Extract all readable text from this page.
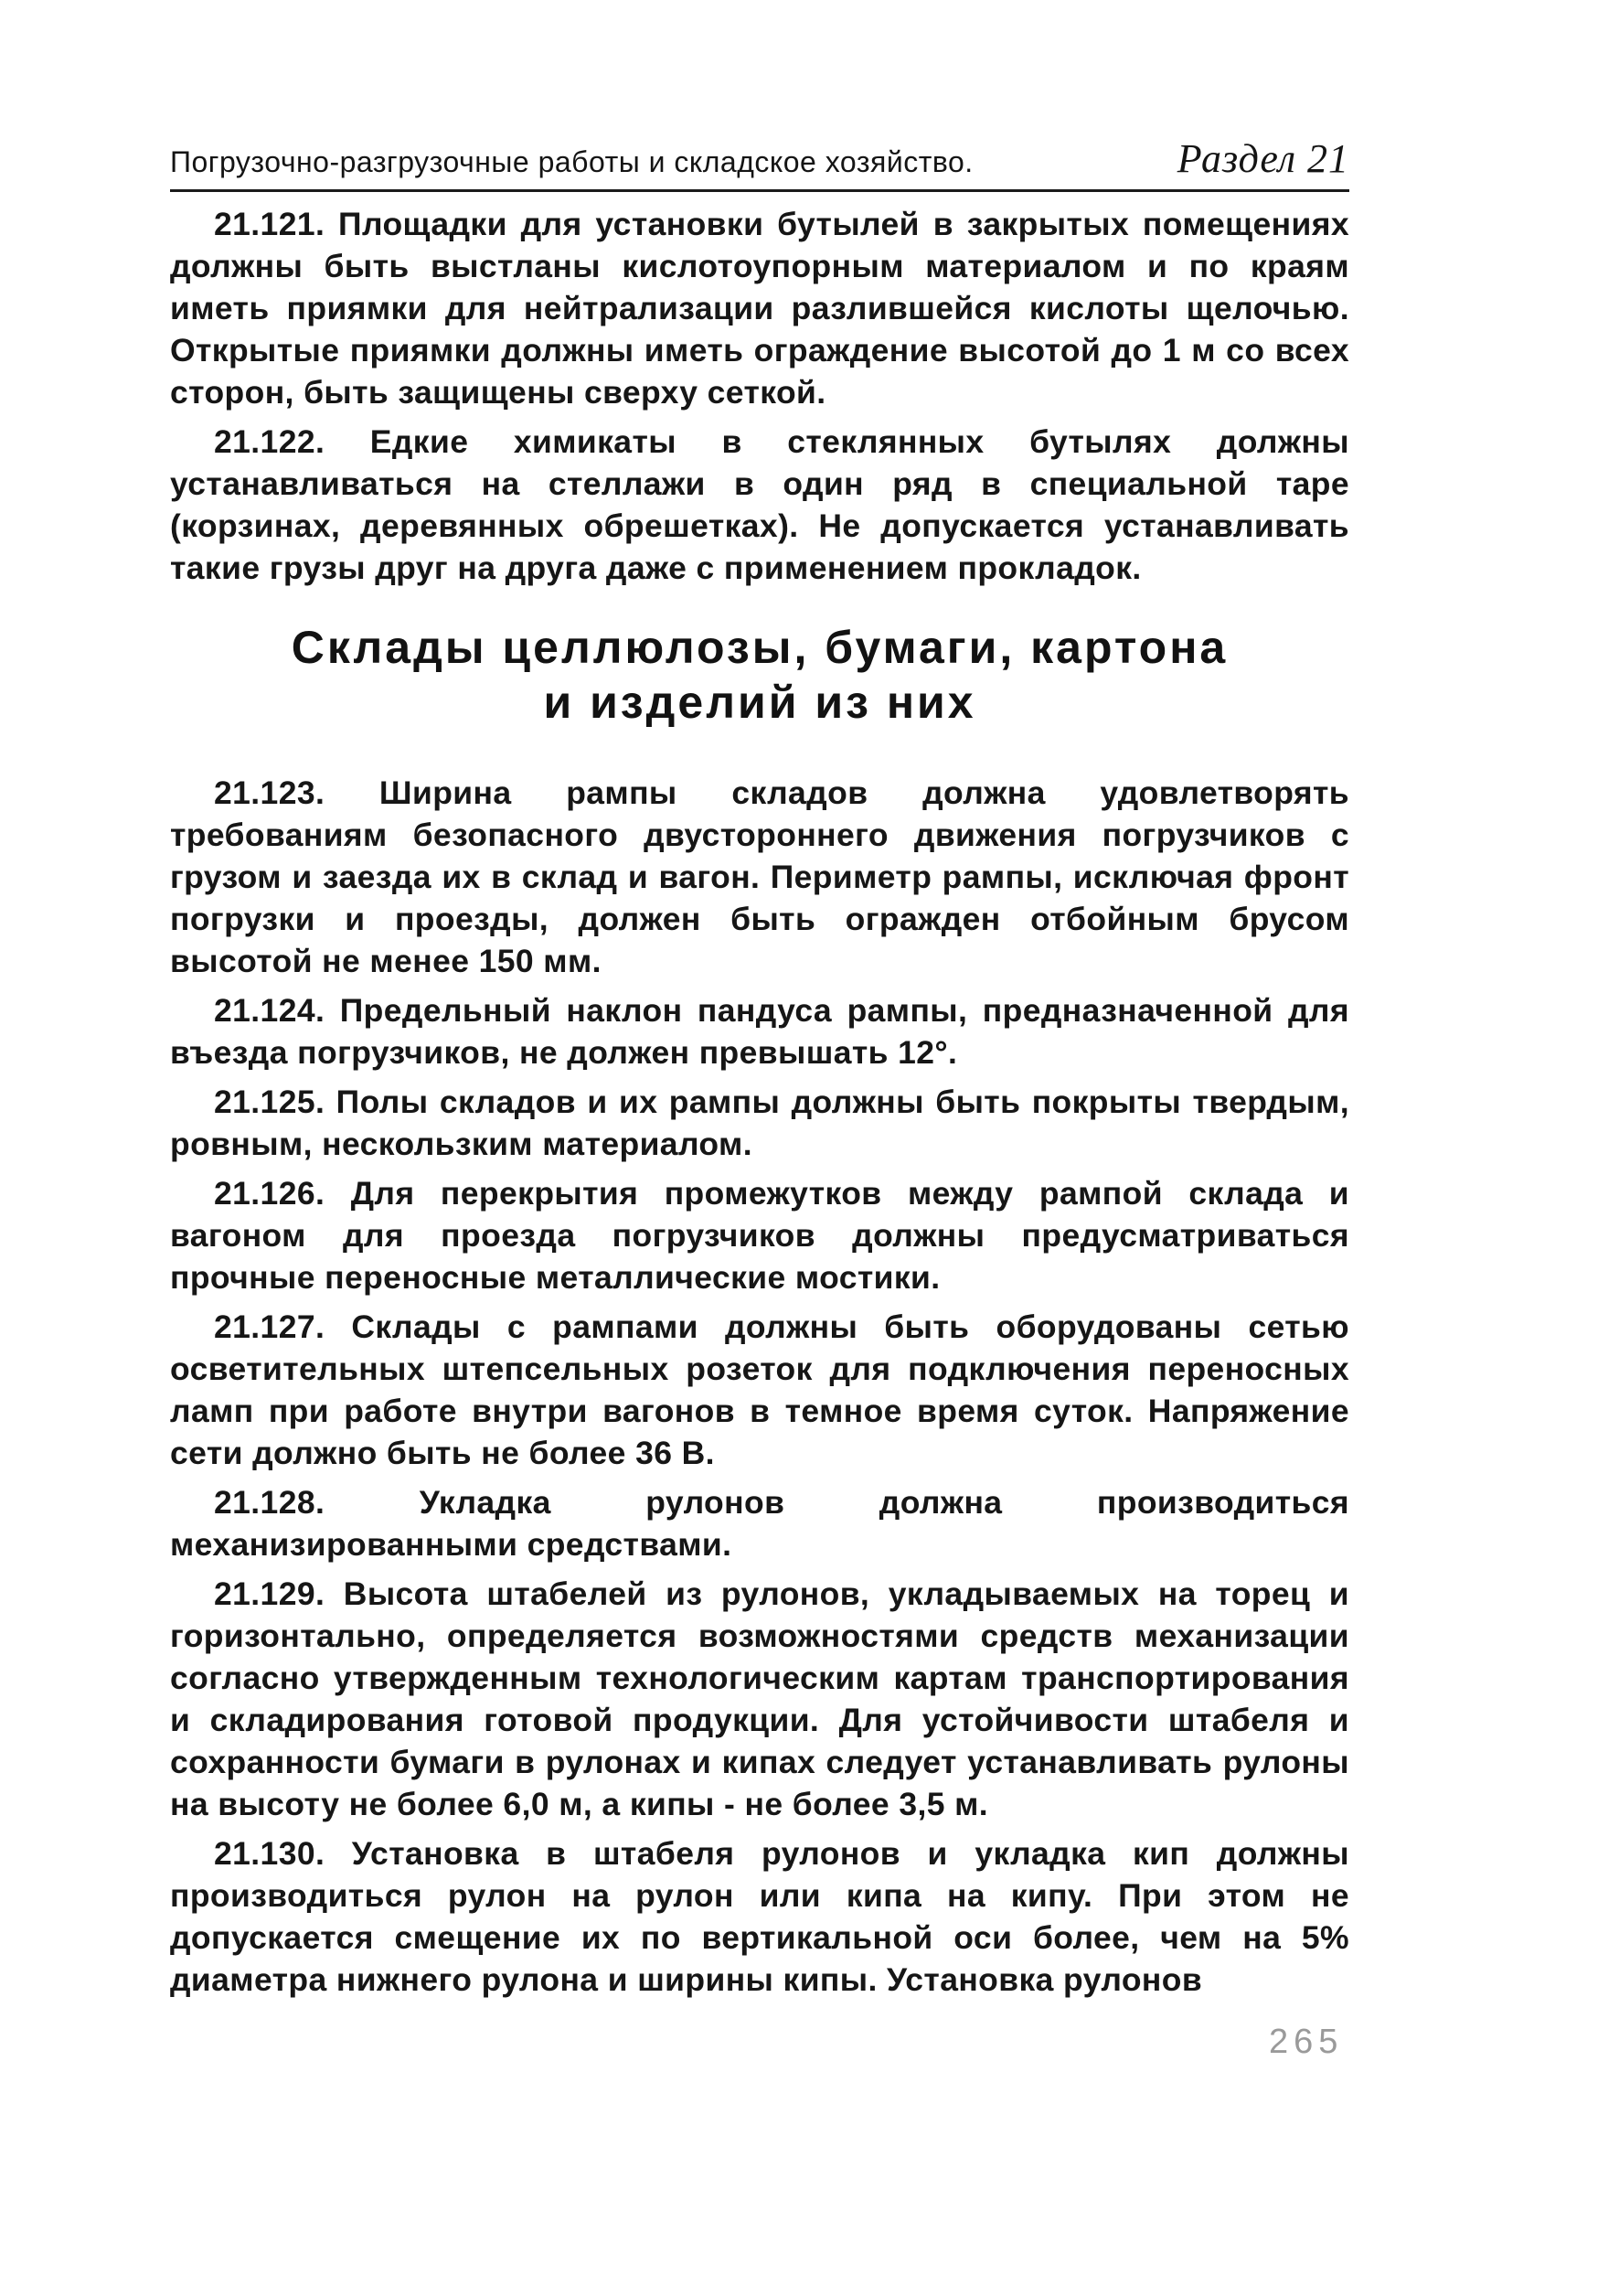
Погрузочно-разгрузочные работы и складское хозяйство.	Раздел 21

21.121. Площадки для установки бутылей в закрытых помещениях должны быть выстланы кислотоупорным материалом и по краям иметь приямки для нейтрализации разлившейся кислоты щелочью. Открытые приямки должны иметь ограждение высотой до 1 м со всех сторон, быть защищены сверху сеткой.

21.122. Едкие химикаты в стеклянных бутылях должны устанавливаться на стеллажи в один ряд в специальной таре (корзинах, деревянных обрешетках). Не допускается устанавливать такие грузы друг на друга даже с применением прокладок.

Склады целлюлозы, бумаги, картона
и изделий из них

21.123. Ширина рампы складов должна удовлетворять требованиям безопасного двустороннего движения погрузчиков с грузом и заезда их в склад и вагон. Периметр рампы, исключая фронт погрузки и проезды, должен быть огражден отбойным брусом высотой не менее 150 мм.

21.124. Предельный наклон пандуса рампы, предназначенной для въезда погрузчиков, не должен превышать 12°.

21.125. Полы складов и их рампы должны быть покрыты твердым, ровным, нескользким материалом.

21.126. Для перекрытия промежутков между рампой склада и вагоном для проезда погрузчиков должны предусматриваться прочные переносные металлические мостики.

21.127. Склады с рампами должны быть оборудованы сетью осветительных штепсельных розеток для подключения переносных ламп при работе внутри вагонов в темное время суток. Напряжение сети должно быть не более 36 В.

21.128. Укладка рулонов должна производиться механизированными средствами.

21.129. Высота штабелей из рулонов, укладываемых на торец и горизонтально, определяется возможностями средств механизации согласно утвержденным технологическим картам транспортирования и складирования готовой продукции. Для устойчивости штабеля и сохранности бумаги в рулонах и кипах следует устанавливать рулоны на высоту не более 6,0 м, а кипы - не более 3,5 м.

21.130. Установка в штабеля рулонов и укладка кип должны производиться рулон на рулон или кипа на кипу. При этом не допускается смещение их по вертикальной оси более, чем на 5% диаметра нижнего рулона и ширины кипы. Установка рулонов

265
